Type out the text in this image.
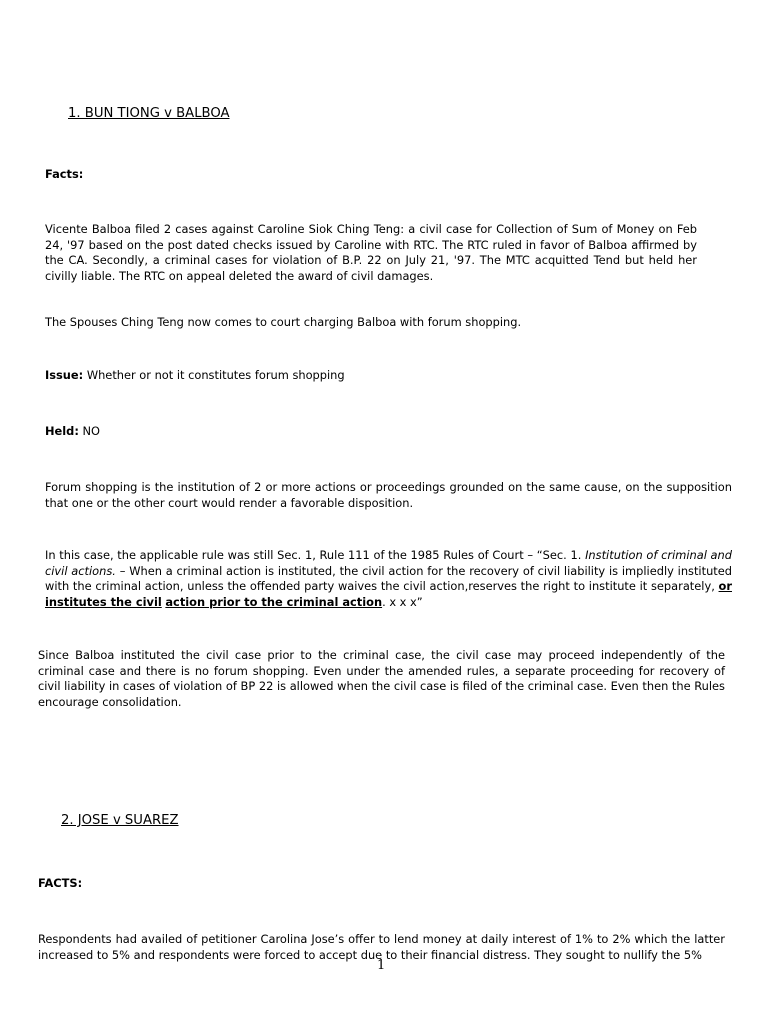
1. BUN TIONG v BALBOA
Facts:

Vicente Balboa filed 2 cases against Caroline Siok Ching Teng: a civil case for Collection of Sum of Money on Feb 24, '97 based on the post dated checks issued by Caroline with RTC. The RTC ruled in favor of Balboa affirmed by the CA. Secondly, a criminal cases for violation of B.P. 22 on July 21, '97. The MTC acquitted Tend but held her civilly liable. The RTC on appeal deleted the award of civil damages.

The Spouses Ching Teng now comes to court charging Balboa with forum shopping.

Issue: Whether or not it constitutes forum shopping

Held: NO

Forum shopping is the institution of 2 or more actions or proceedings grounded on the same cause, on the supposition that one or the other court would render a favorable disposition.

In this case, the applicable rule was still Sec. 1, Rule 111 of the 1985 Rules of Court – “Sec. 1. Institution of criminal and civil actions. – When a criminal action is instituted, the civil action for the recovery of civil liability is impliedly instituted with the criminal action, unless the offended party waives the civil action,reserves the right to institute it separately, or institutes the civil action prior to the criminal action. x x x”

Since Balboa instituted the civil case prior to the criminal case, the civil case may proceed independently of the criminal case and there is no forum shopping. Even under the amended rules, a separate proceeding for recovery of civil liability in cases of violation of BP 22 is allowed when the civil case is filed of the criminal case. Even then the Rules encourage consolidation.

2. JOSE v SUAREZ
FACTS:

Respondents had availed of petitioner Carolina Jose’s offer to lend money at daily interest of 1% to 2% which the latter increased to 5% and respondents were forced to accept due to their financial distress. They sought to nullify the 5%

1
